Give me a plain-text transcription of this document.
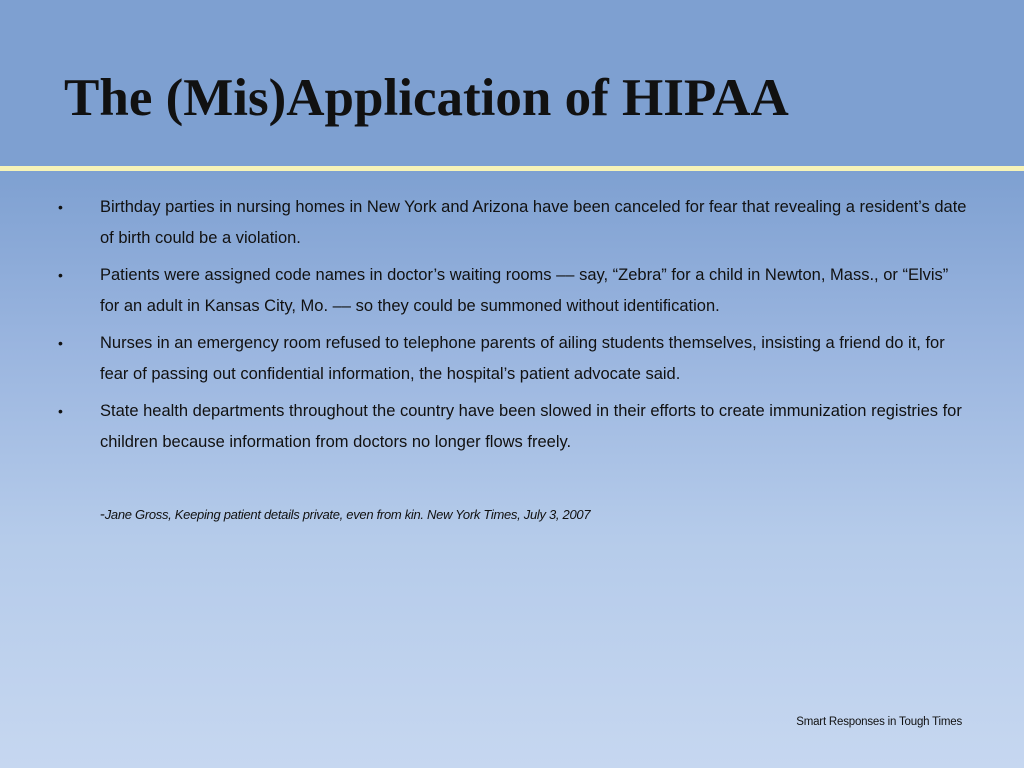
The (Mis)Application of HIPAA
• Birthday parties in nursing homes in New York and Arizona have been canceled for fear that revealing a resident’s date of birth could be a violation.
• Patients were assigned code names in doctor’s waiting rooms –– say, “Zebra” for a child in Newton, Mass., or “Elvis” for an adult in Kansas City, Mo. –– so they could be summoned without identification.
• Nurses in an emergency room refused to telephone parents of ailing students themselves, insisting a friend do it, for fear of passing out confidential information, the hospital’s patient advocate said.
• State health departments throughout the country have been slowed in their efforts to create immunization registries for children because information from doctors no longer flows freely.

-Jane Gross, Keeping patient details private, even from kin. New York Times, July 3, 2007

Smart Responses in Tough Times
